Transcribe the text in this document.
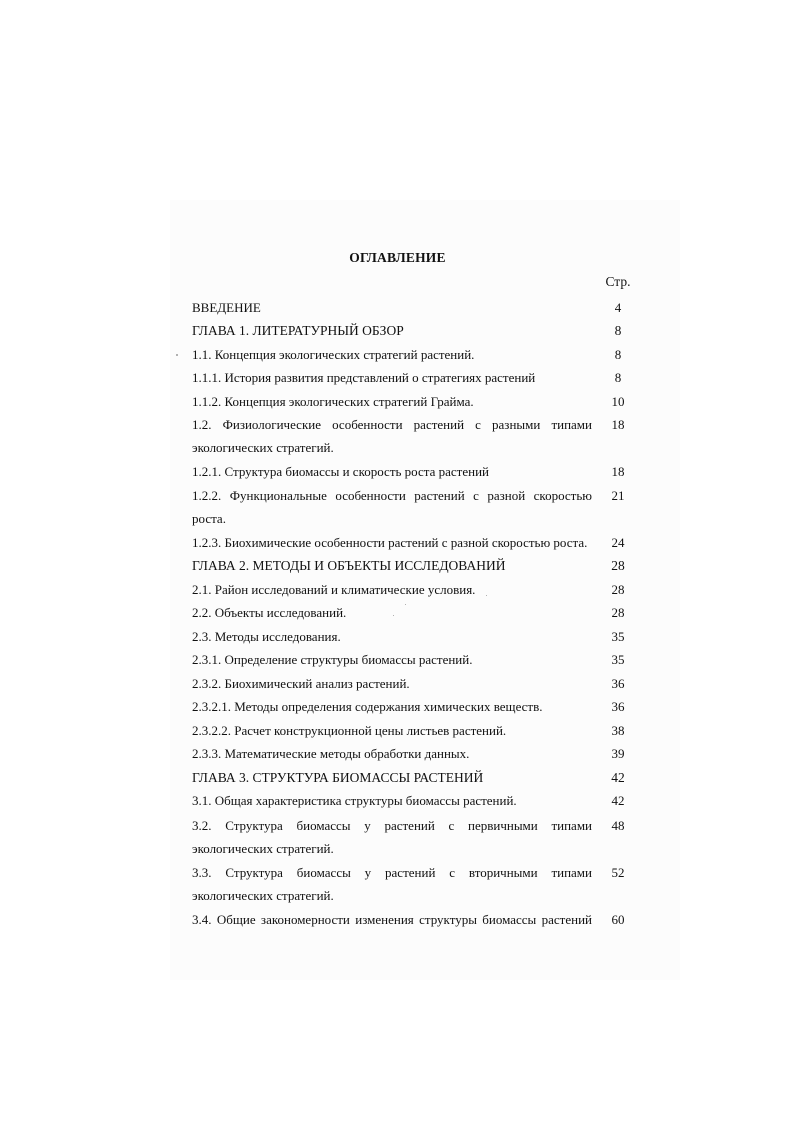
ОГЛАВЛЕНИЕ
Стр.
ВВЕДЕНИЕ	4
ГЛАВА 1. ЛИТЕРАТУРНЫЙ ОБЗОР	8
1.1. Концепция экологических стратегий растений.	8
1.1.1. История развития представлений о стратегиях растений	8
1.1.2. Концепция экологических стратегий Грайма.	10
1.2. Физиологические особенности растений с разными типами	18
экологических стратегий.
1.2.1. Структура биомассы и скорость роста растений	18
1.2.2. Функциональные особенности растений с разной скоростью	21
роста.
1.2.3. Биохимические особенности растений с разной скоростью роста.	24
ГЛАВА 2. МЕТОДЫ И ОБЪЕКТЫ ИССЛЕДОВАНИЙ	28
2.1. Район исследований и климатические условия.	28
2.2. Объекты исследований.	28
2.3. Методы исследования.	35
2.3.1. Определение структуры биомассы растений.	35
2.3.2. Биохимический анализ растений.	36
2.3.2.1. Методы определения содержания химических веществ.	36
2.3.2.2. Расчет конструкционной цены листьев растений.	38
2.3.3. Математические методы обработки данных.	39
ГЛАВА 3. СТРУКТУРА БИОМАССЫ РАСТЕНИЙ	42
3.1. Общая характеристика структуры биомассы растений.	42
3.2. Структура биомассы у растений с первичными типами	48
экологических стратегий.
3.3. Структура биомассы у растений с вторичными типами	52
экологических стратегий.
3.4. Общие закономерности изменения структуры биомассы растений	60
